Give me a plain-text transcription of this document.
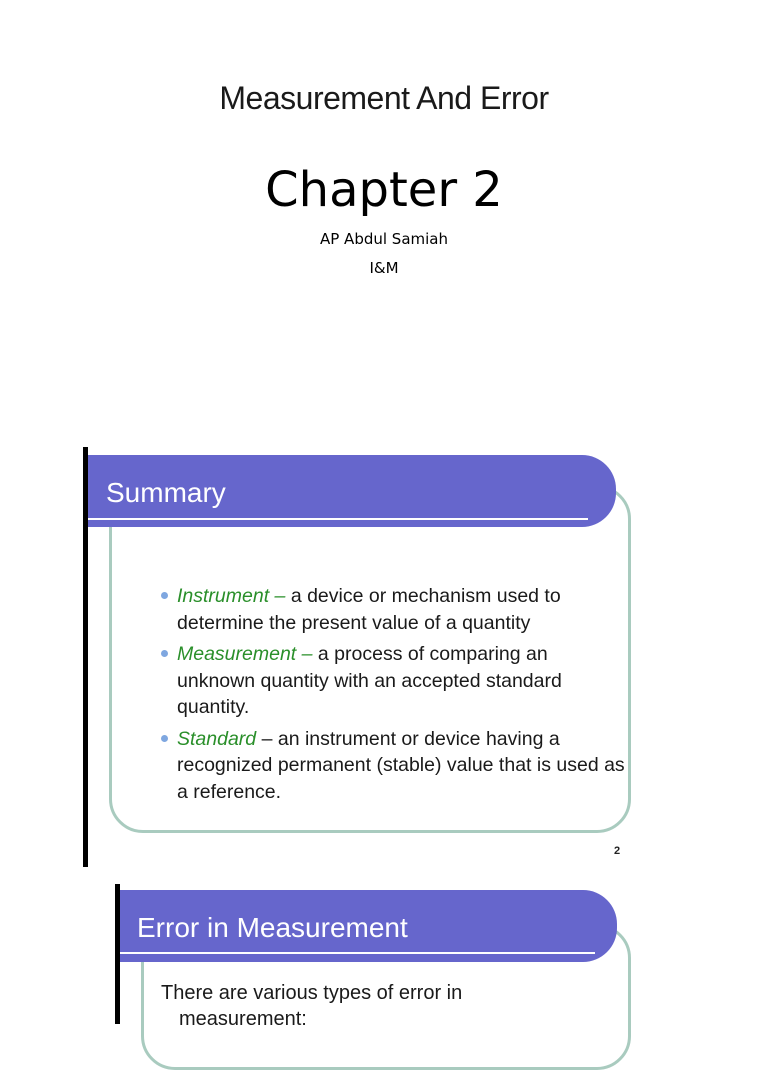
Measurement And Error
Chapter 2
AP Abdul Samiah
I&M
Summary
Instrument – a device or mechanism used to determine the present value of a quantity
Measurement – a process of comparing an unknown quantity with an accepted standard quantity.
Standard – an instrument or device having a recognized permanent (stable) value that is used as a reference.
2
Error in Measurement
There are various types of error in
measurement:
